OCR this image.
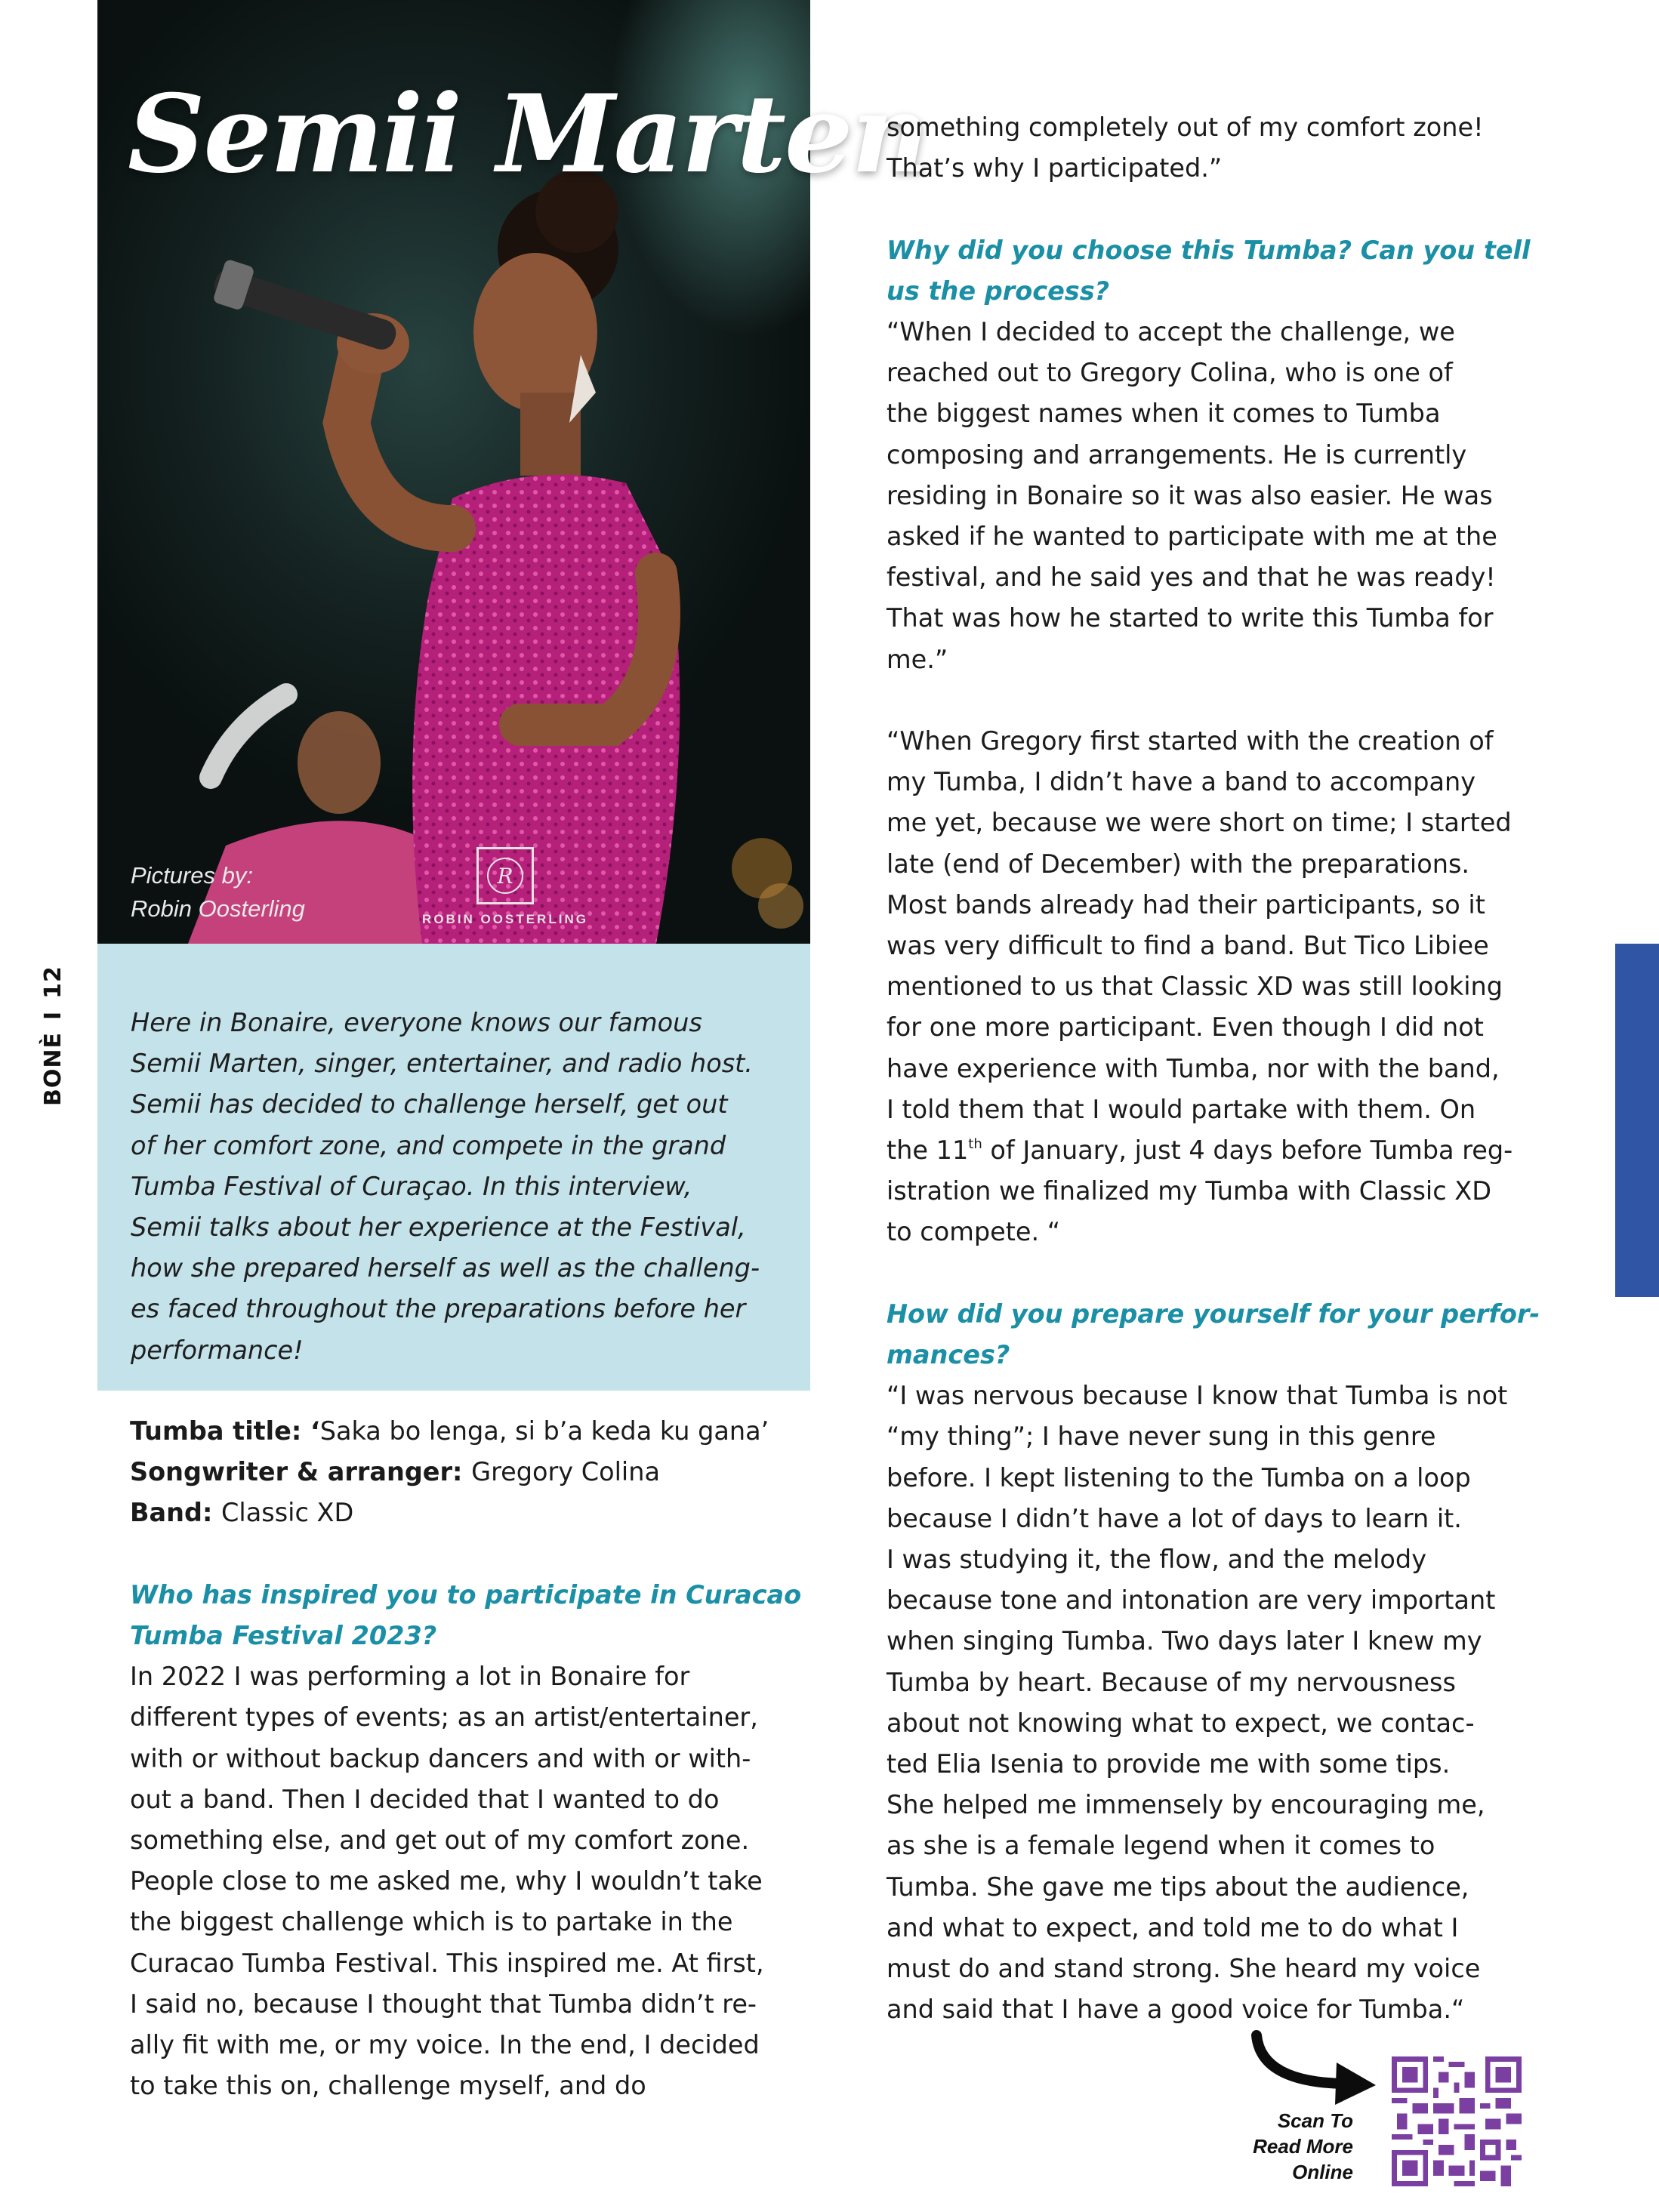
Semii Marten
Pictures by:
Robin Oosterling
R
ROBIN OOSTERLING

Here in Bonaire, everyone knows our famous
Semii Marten, singer, entertainer, and radio host.
Semii has decided to challenge herself, get out
of her comfort zone, and compete in the grand
Tumba Festival of Curaçao. In this interview,
Semii talks about her experience at the Festival,
how she prepared herself as well as the challeng-
es faced throughout the preparations before her
performance!

Tumba title: ‘Saka bo lenga, si b’a keda ku gana’

Songwriter & arranger: Gregory Colina

Band: Classic XD

Who has inspired you to participate in Curacao
Tumba Festival 2023?

In 2022 I was performing a lot in Bonaire for
different types of events; as an artist/entertainer,
with or without backup dancers and with or with-
out a band. Then I decided that I wanted to do
something else, and get out of my comfort zone.
People close to me asked me, why I wouldn’t take
the biggest challenge which is to partake in the
Curacao Tumba Festival. This inspired me. At first,
I said no, because I thought that Tumba didn’t re-
ally fit with me, or my voice. In the end, I decided
to take this on, challenge myself, and do

something completely out of my comfort zone!
That’s why I participated.”

Why did you choose this Tumba? Can you tell
us the process?

“When I decided to accept the challenge, we
reached out to Gregory Colina, who is one of
the biggest names when it comes to Tumba
composing and arrangements. He is currently
residing in Bonaire so it was also easier. He was
asked if he wanted to participate with me at the
festival, and he said yes and that he was ready!
That was how he started to write this Tumba for
me.”

“When Gregory first started with the creation of
my Tumba, I didn’t have a band to accompany
me yet, because we were short on time; I started
late (end of December) with the preparations.
Most bands already had their participants, so it
was very difficult to find a band. But Tico Libiee
mentioned to us that Classic XD was still looking
for one more participant. Even though I did not
have experience with Tumba, nor with the band,
I told them that I would partake with them. On
the 11th of January, just 4 days before Tumba reg-
istration we finalized my Tumba with Classic XD
to compete. “

How did you prepare yourself for your perfor-
mances?

“I was nervous because I know that Tumba is not
“my thing”; I have never sung in this genre
before. I kept listening to the Tumba on a loop
because I didn’t have a lot of days to learn it.
I was studying it, the flow, and the melody
because tone and intonation are very important
when singing Tumba. Two days later I knew my
Tumba by heart. Because of my nervousness
about not knowing what to expect, we contac-
ted Elia Isenia to provide me with some tips.
She helped me immensely by encouraging me,
as she is a female legend when it comes to
Tumba. She gave me tips about the audience,
and what to expect, and told me to do what I
must do and stand strong. She heard my voice
and said that I have a good voice for Tumba.“

BONÈI12
Scan To
Read More
Online
